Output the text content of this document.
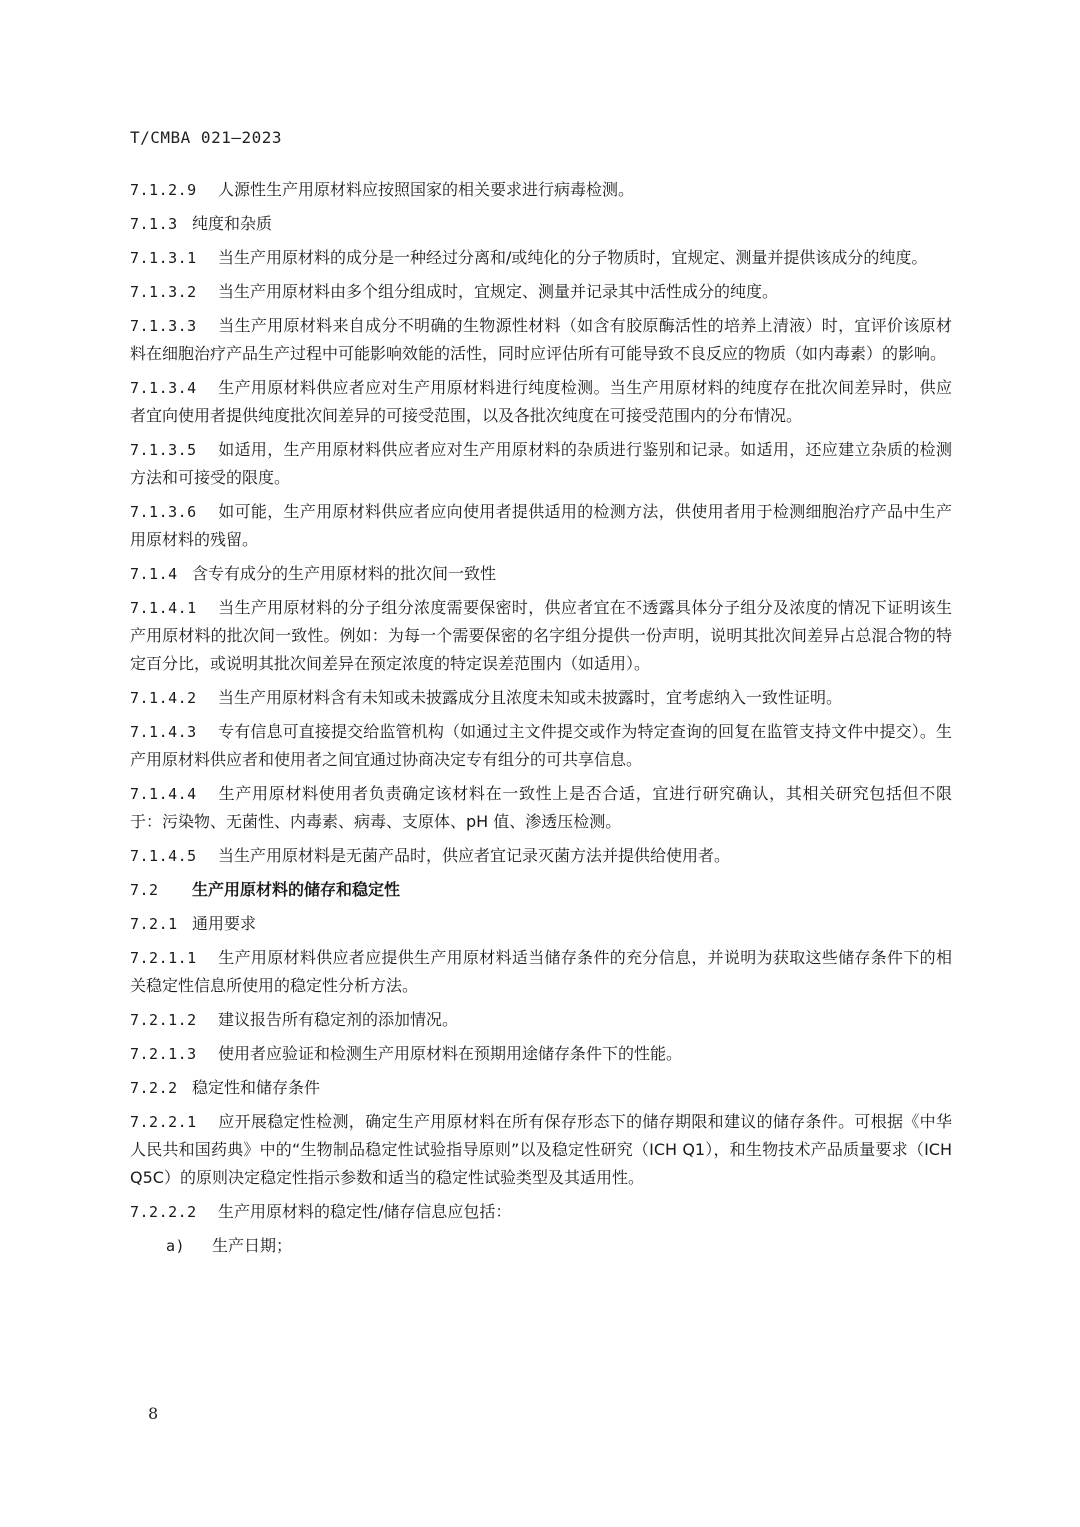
T/CMBA 021—2023
7.1.2.9 人源性生产用原材料应按照国家的相关要求进行病毒检测。
7.1.3 纯度和杂质
7.1.3.1 当生产用原材料的成分是一种经过分离和/或纯化的分子物质时，宜规定、测量并提供该成分的纯度。
7.1.3.2 当生产用原材料由多个组分组成时，宜规定、测量并记录其中活性成分的纯度。
7.1.3.3 当生产用原材料来自成分不明确的生物源性材料（如含有胶原酶活性的培养上清液）时，宜评价该原材料在细胞治疗产品生产过程中可能影响效能的活性，同时应评估所有可能导致不良反应的物质（如内毒素）的影响。
7.1.3.4 生产用原材料供应者应对生产用原材料进行纯度检测。当生产用原材料的纯度存在批次间差异时，供应者宜向使用者提供纯度批次间差异的可接受范围，以及各批次纯度在可接受范围内的分布情况。
7.1.3.5 如适用，生产用原材料供应者应对生产用原材料的杂质进行鉴别和记录。如适用，还应建立杂质的检测方法和可接受的限度。
7.1.3.6 如可能，生产用原材料供应者应向使用者提供适用的检测方法，供使用者用于检测细胞治疗产品中生产用原材料的残留。
7.1.4 含专有成分的生产用原材料的批次间一致性
7.1.4.1 当生产用原材料的分子组分浓度需要保密时，供应者宜在不透露具体分子组分及浓度的情况下证明该生产用原材料的批次间一致性。例如：为每一个需要保密的名字组分提供一份声明，说明其批次间差异占总混合物的特定百分比，或说明其批次间差异在预定浓度的特定误差范围内（如适用）。
7.1.4.2 当生产用原材料含有未知或未披露成分且浓度未知或未披露时，宜考虑纳入一致性证明。
7.1.4.3 专有信息可直接提交给监管机构（如通过主文件提交或作为特定查询的回复在监管支持文件中提交）。生产用原材料供应者和使用者之间宜通过协商决定专有组分的可共享信息。
7.1.4.4 生产用原材料使用者负责确定该材料在一致性上是否合适，宜进行研究确认，其相关研究包括但不限于：污染物、无菌性、内毒素、病毒、支原体、pH 值、渗透压检测。
7.1.4.5 当生产用原材料是无菌产品时，供应者宜记录灭菌方法并提供给使用者。
7.2 生产用原材料的储存和稳定性
7.2.1 通用要求
7.2.1.1 生产用原材料供应者应提供生产用原材料适当储存条件的充分信息，并说明为获取这些储存条件下的相关稳定性信息所使用的稳定性分析方法。
7.2.1.2 建议报告所有稳定剂的添加情况。
7.2.1.3 使用者应验证和检测生产用原材料在预期用途储存条件下的性能。
7.2.2 稳定性和储存条件
7.2.2.1 应开展稳定性检测，确定生产用原材料在所有保存形态下的储存期限和建议的储存条件。可根据《中华人民共和国药典》中的“生物制品稳定性试验指导原则”以及稳定性研究（ICH Q1），和生物技术产品质量要求（ICH Q5C）的原则决定稳定性指示参数和适当的稳定性试验类型及其适用性。
7.2.2.2 生产用原材料的稳定性/储存信息应包括：
a) 生产日期；
8
